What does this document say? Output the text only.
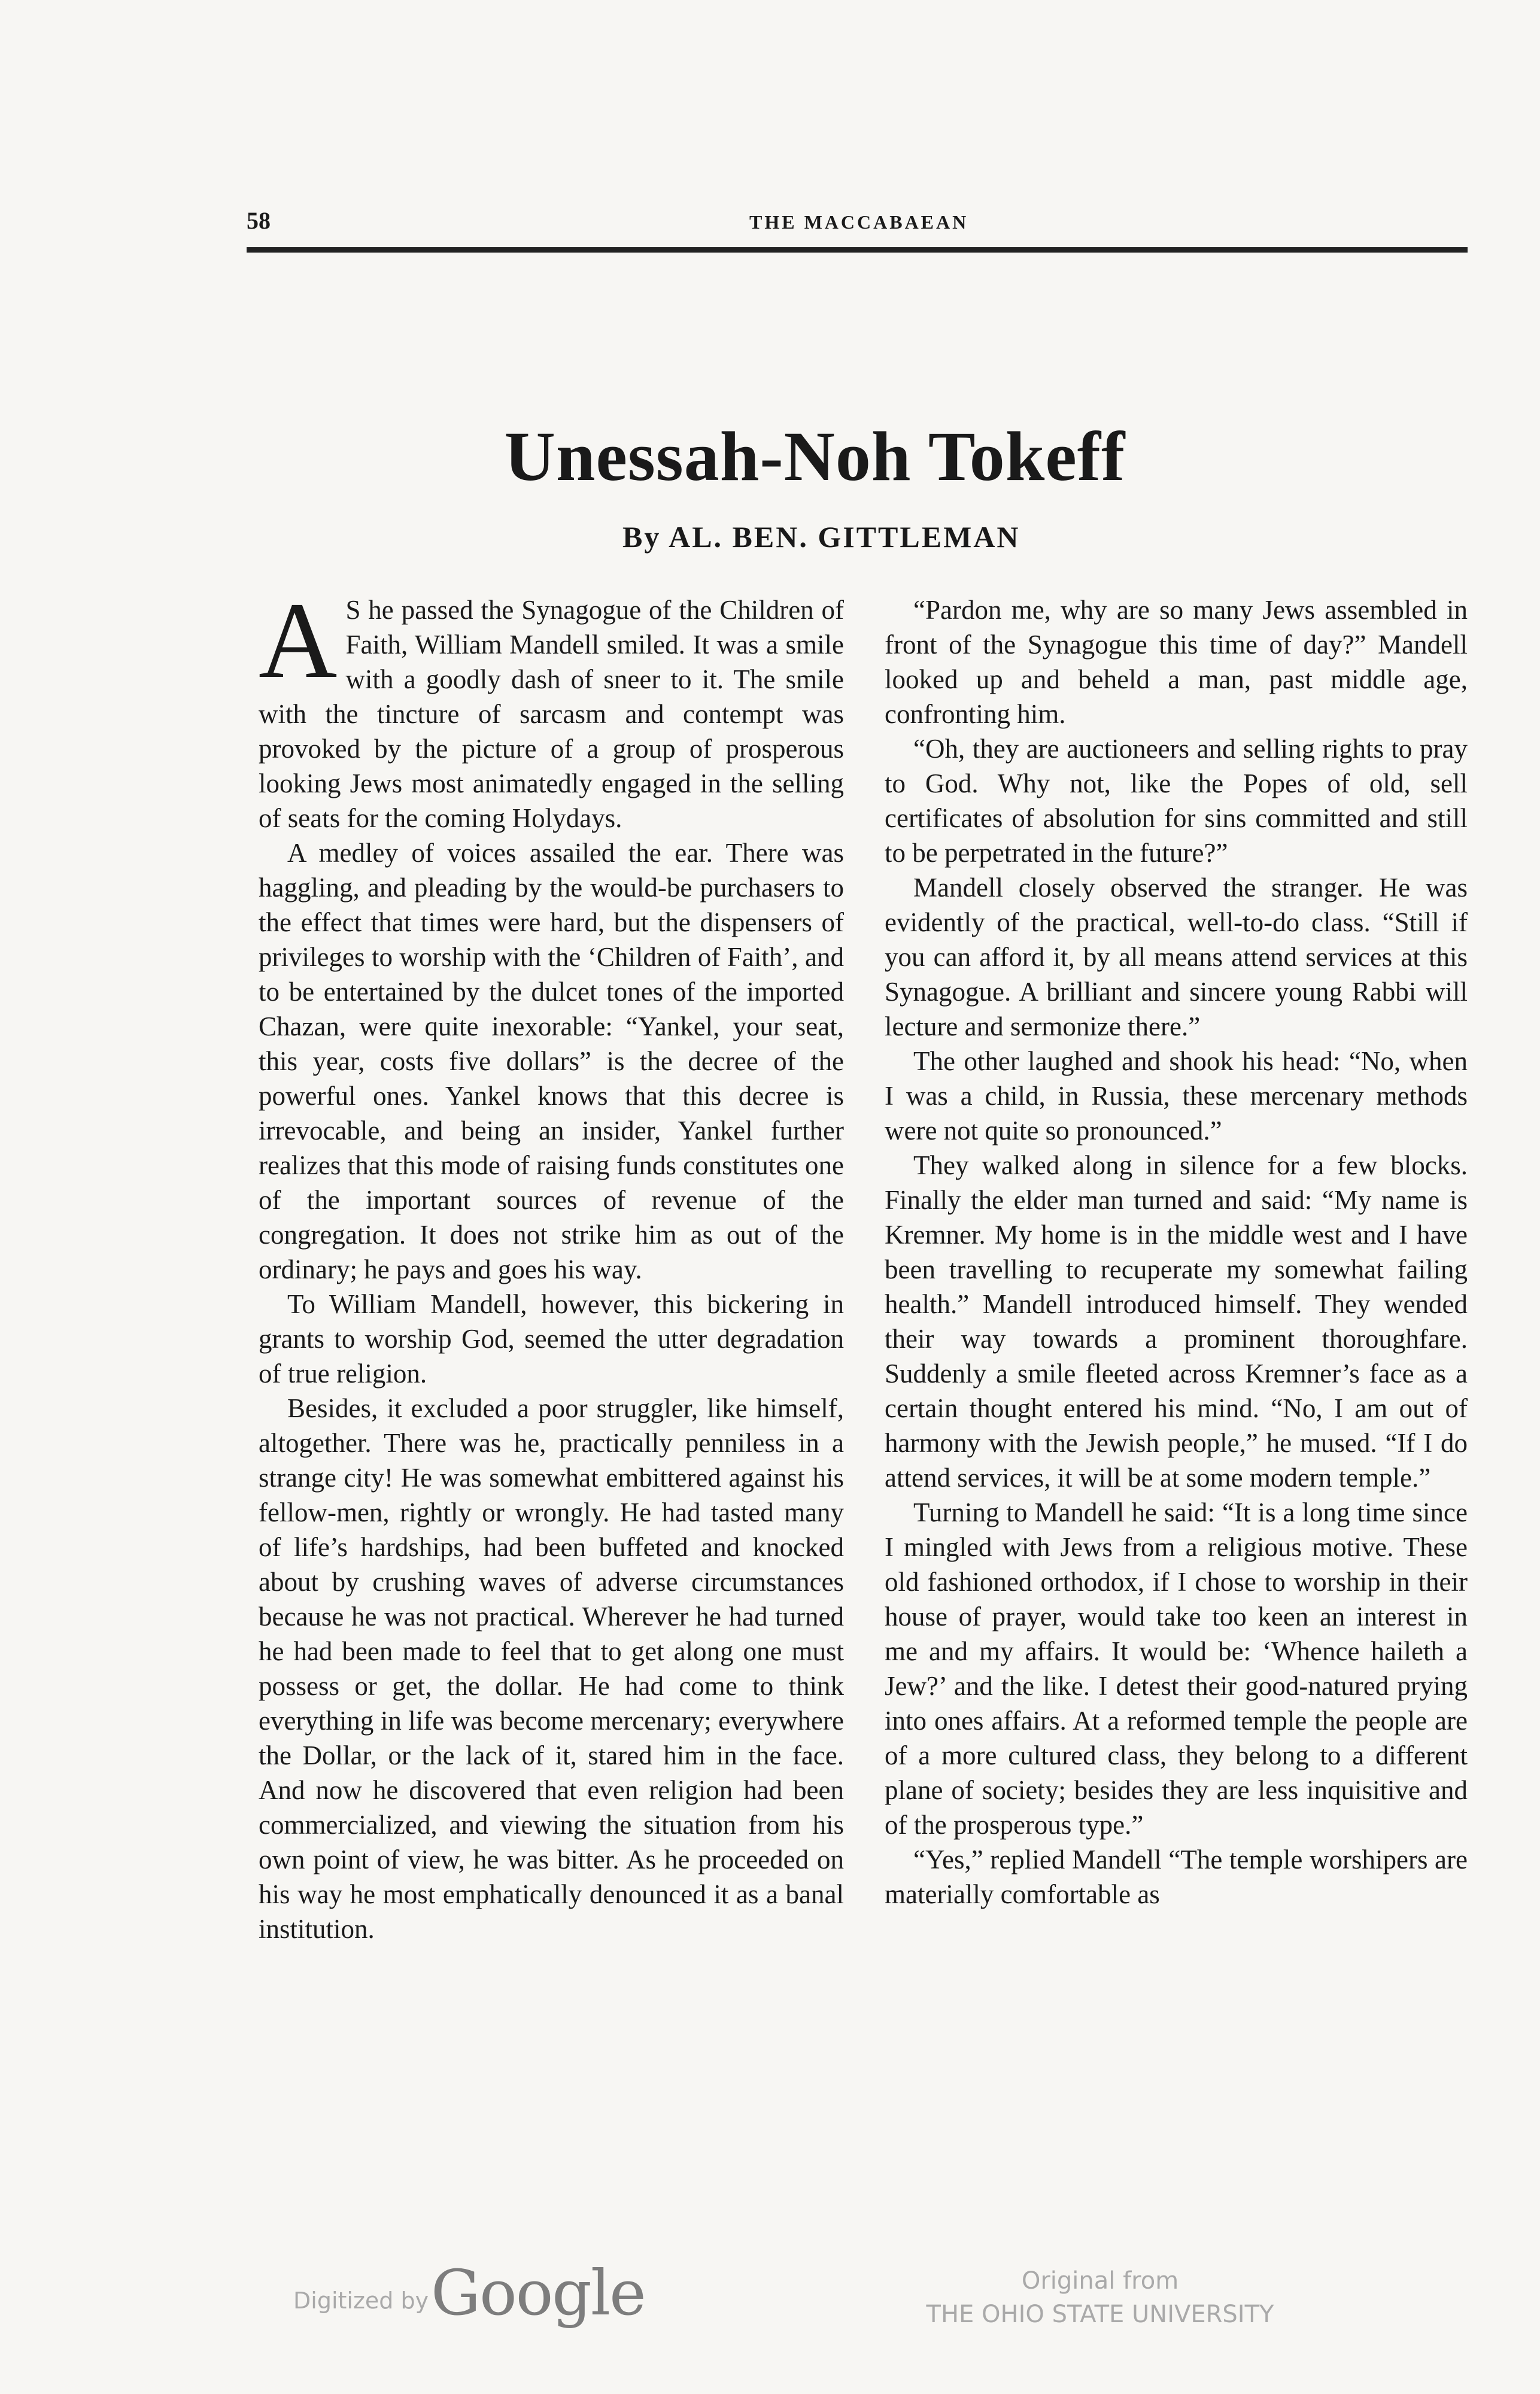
58	THE MACCABAEAN
Unessah-Noh Tokeff
By AL. BEN. GITTLEMAN

A S he passed the Synagogue of the Children of Faith, William Mandell smiled. It was a smile with a goodly dash of sneer to it. The smile with the tincture of sarcasm and contempt was provoked by the picture of a group of prosperous looking Jews most animatedly engaged in the selling of seats for the coming Holydays.

A medley of voices assailed the ear. There was haggling, and pleading by the would-be purchasers to the effect that times were hard, but the dispensers of privileges to worship with the ‘Children of Faith’, and to be entertained by the dulcet tones of the imported Chazan, were quite inexorable: “Yankel, your seat, this year, costs five dollars” is the decree of the powerful ones. Yankel knows that this decree is irrevocable, and being an insider, Yankel further realizes that this mode of raising funds constitutes one of the important sources of revenue of the congregation. It does not strike him as out of the ordinary; he pays and goes his way.

To William Mandell, however, this bickering in grants to worship God, seemed the utter degradation of true religion.

Besides, it excluded a poor struggler, like himself, altogether. There was he, practically penniless in a strange city! He was somewhat embittered against his fellow-men, rightly or wrongly. He had tasted many of life’s hardships, had been buffeted and knocked about by crushing waves of adverse circumstances because he was not practical. Wherever he had turned he had been made to feel that to get along one must possess or get, the dollar. He had come to think everything in life was become mercenary; everywhere the Dollar, or the lack of it, stared him in the face. And now he discovered that even religion had been commercialized, and viewing the situation from his own point of view, he was bitter. As he proceeded on his way he most emphatically denounced it as a banal institution.

“Pardon me, why are so many Jews assembled in front of the Synagogue this time of day?” Mandell looked up and beheld a man, past middle age, confronting him.

“Oh, they are auctioneers and selling rights to pray to God. Why not, like the Popes of old, sell certificates of absolution for sins committed and still to be perpetrated in the future?”

Mandell closely observed the stranger. He was evidently of the practical, well-to-do class. “Still if you can afford it, by all means attend services at this Synagogue. A brilliant and sincere young Rabbi will lecture and sermonize there.”

The other laughed and shook his head: “No, when I was a child, in Russia, these mercenary methods were not quite so pronounced.”

They walked along in silence for a few blocks. Finally the elder man turned and said: “My name is Kremner. My home is in the middle west and I have been travelling to recuperate my somewhat failing health.” Mandell introduced himself. They wended their way towards a prominent thoroughfare. Suddenly a smile fleeted across Kremner’s face as a certain thought entered his mind. “No, I am out of harmony with the Jewish people,” he mused. “If I do attend services, it will be at some modern temple.”

Turning to Mandell he said: “It is a long time since I mingled with Jews from a religious motive. These old fashioned orthodox, if I chose to worship in their house of prayer, would take too keen an interest in me and my affairs. It would be: ‘Whence haileth a Jew?’ and the like. I detest their good-natured prying into ones affairs. At a reformed temple the people are of a more cultured class, they belong to a different plane of society; besides they are less inquisitive and of the prosperous type.”

“Yes,” replied Mandell “The temple worshipers are materially comfortable as

Digitized by Google	Original from
THE OHIO STATE UNIVERSITY
